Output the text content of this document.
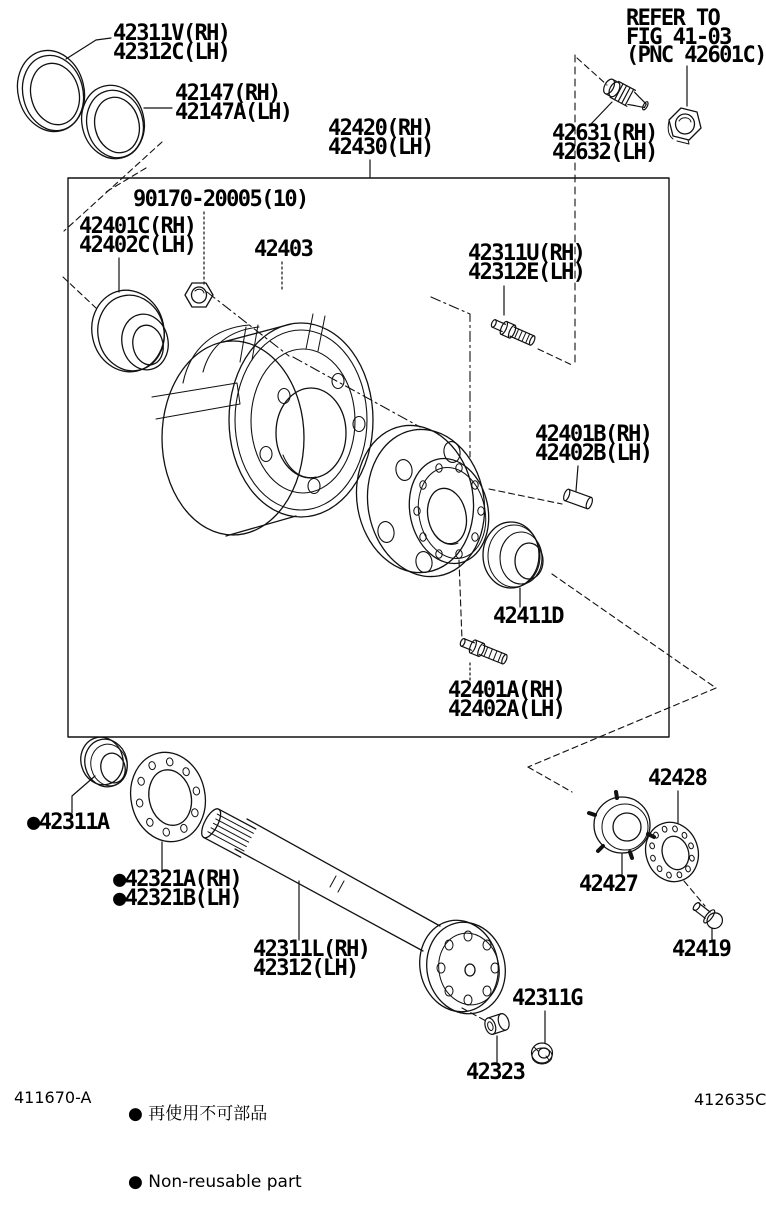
42311V(RH)
42312C(LH)
42147(RH)
42147A(LH)
42420(RH)
42430(LH)
REFER TO
FIG 41-03
(PNC 42601C)
42631(RH)
42632(LH)
90170-20005(10)
42401C(RH)
42402C(LH)	42403	42311U(RH)
42312E(LH)
42401B(RH)
42402B(LH)
42411D
42401A(RH)
42402A(LH)
42428
●42311A
●42321A(RH)
●42321B(LH)
42427
42311L(RH)
42312(LH)
42419
42311G
42323

● 再使用不可部品

● Non-reusable part

411670-A	412635C
